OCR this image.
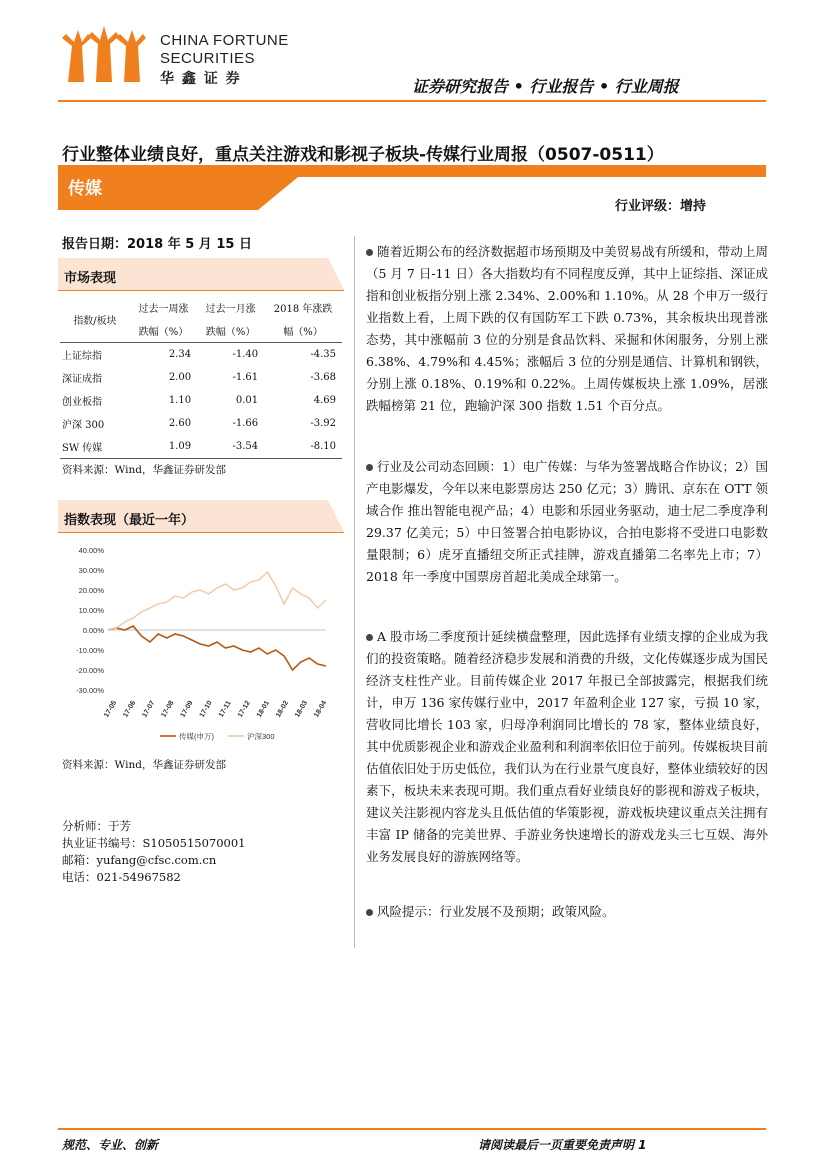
CHINA FORTUNE
SECURITIES
华 鑫 证 券	证券研究报告 • 行业报告 • 行业周报
行业整体业绩良好，重点关注游戏和影视子板块-传媒行业周报（0507-0511）
传媒
行业评级：增持
报告日期：2018 年 5 月 15 日
市场表现
指数/板块	过去一周涨	过去一月涨	2018 年涨跌
	跌幅（%）	跌幅（%）	幅（%）
上证综指	2.34	-1.40	-4.35
深证成指	2.00	-1.61	-3.68
创业板指	1.10	0.01	4.69
沪深 300	2.60	-1.66	-3.92
SW 传媒	1.09	-3.54	-8.10
资料来源：Wind，华鑫证券研发部
指数表现（最近一年）
40.00%
30.00%
20.00%
10.00%
0.00%
-10.00%
-20.00%
-30.00%
17-05 17-06 17-07 17-08 17-09 17-10 17-11 17-12 18-01 18-02 18-03 18-04
传媒(申万)	沪深300
资料来源：Wind，华鑫证券研发部
分析师：于芳
执业证书编号：S1050515070001
邮箱：yufang@cfsc.com.cn
电话：021-54967582
随着近期公布的经济数据超市场预期及中美贸易战有所缓和，带动上周（5 月 7 日-11 日）各大指数均有不同程度反弹，其中上证综指、深证成指和创业板指分别上涨 2.34%、2.00%和 1.10%。从 28 个申万一级行业指数上看，上周下跌的仅有国防军工下跌 0.73%，其余板块出现普涨态势，其中涨幅前 3 位的分别是食品饮料、采掘和休闲服务，分别上涨 6.38%、4.79%和 4.45%；涨幅后 3 位的分别是通信、计算机和钢铁，分别上涨 0.18%、0.19%和 0.22%。上周传媒板块上涨 1.09%，居涨跌幅榜第 21 位，跑输沪深 300 指数 1.51 个百分点。
行业及公司动态回顾：1）电广传媒：与华为签署战略合作协议；2）国产电影爆发，今年以来电影票房达 250 亿元；3）腾讯、京东在 OTT 领域合作 推出智能电视产品；4）电影和乐园业务驱动，迪士尼二季度净利 29.37 亿美元；5）中日签署合拍电影协议，合拍电影将不受进口电影数量限制；6）虎牙直播纽交所正式挂牌，游戏直播第二名率先上市；7）2018 年一季度中国票房首超北美成全球第一。
A 股市场二季度预计延续横盘整理，因此选择有业绩支撑的企业成为我们的投资策略。随着经济稳步发展和消费的升级，文化传媒逐步成为国民经济支柱性产业。目前传媒企业 2017 年报已全部披露完，根据我们统计，申万 136 家传媒行业中，2017 年盈利企业 127 家，亏损 10 家，营收同比增长 103 家，归母净利润同比增长的 78 家，整体业绩良好，其中优质影视企业和游戏企业盈利和利润率依旧位于前列。传媒板块目前估值依旧处于历史低位，我们认为在行业景气度良好，整体业绩较好的因素下，板块未来表现可期。我们重点看好业绩良好的影视和游戏子板块，建议关注影视内容龙头且低估值的华策影视，游戏板块建议重点关注拥有丰富 IP 储备的完美世界、手游业务快速增长的游戏龙头三七互娱、海外业务发展良好的游族网络等。
风险提示：行业发展不及预期；政策风险。
规范、专业、创新	请阅读最后一页重要免责声明 1
